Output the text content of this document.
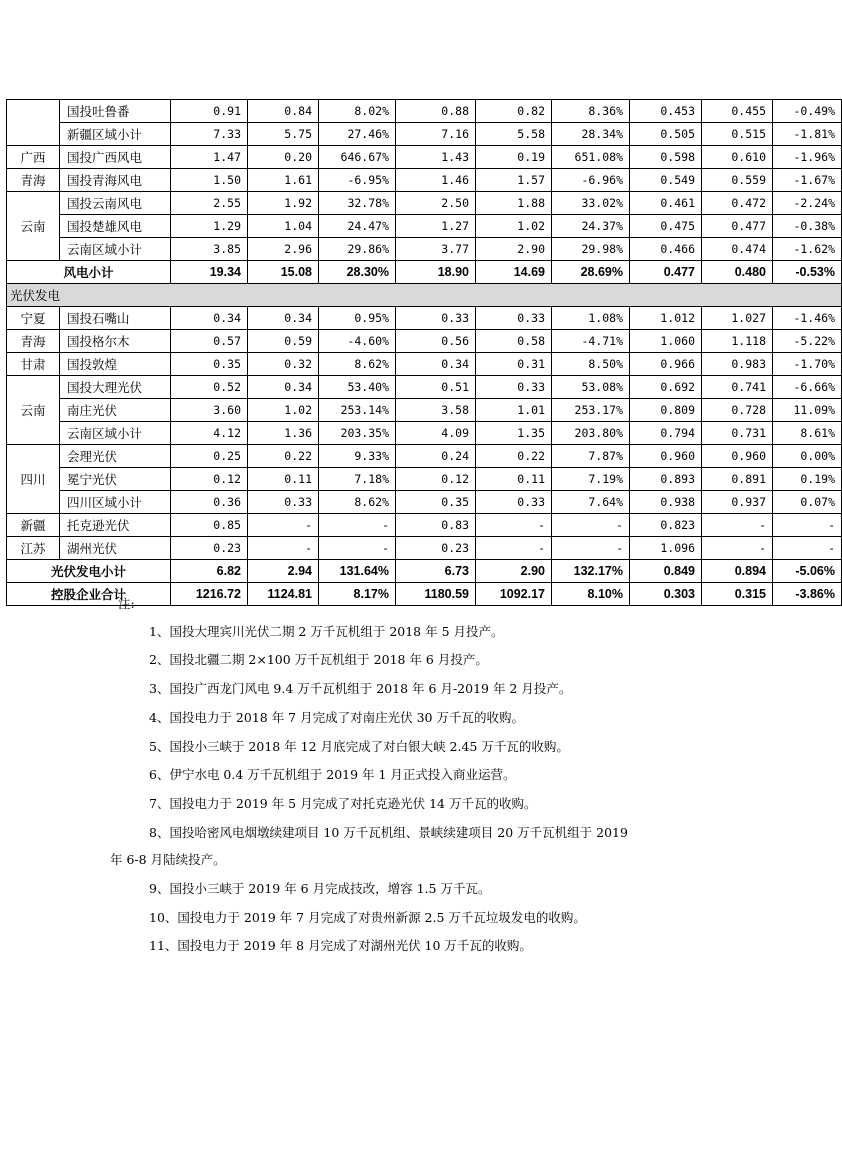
	国投吐鲁番	0.91	0.84	8.02%	0.88	0.82	8.36%	0.453	0.455	-0.49%
	新疆区域小计	7.33	5.75	27.46%	7.16	5.58	28.34%	0.505	0.515	-1.81%
广西	国投广西风电	1.47	0.20	646.67%	1.43	0.19	651.08%	0.598	0.610	-1.96%
青海	国投青海风电	1.50	1.61	-6.95%	1.46	1.57	-6.96%	0.549	0.559	-1.67%
云南	国投云南风电	2.55	1.92	32.78%	2.50	1.88	33.02%	0.461	0.472	-2.24%
	国投楚雄风电	1.29	1.04	24.47%	1.27	1.02	24.37%	0.475	0.477	-0.38%
	云南区域小计	3.85	2.96	29.86%	3.77	2.90	29.98%	0.466	0.474	-1.62%
风电小计		19.34	15.08	28.30%	18.90	14.69	28.69%	0.477	0.480	-0.53%
光伏发电										
宁夏	国投石嘴山	0.34	0.34	0.95%	0.33	0.33	1.08%	1.012	1.027	-1.46%
青海	国投格尔木	0.57	0.59	-4.60%	0.56	0.58	-4.71%	1.060	1.118	-5.22%
甘肃	国投敦煌	0.35	0.32	8.62%	0.34	0.31	8.50%	0.966	0.983	-1.70%
云南	国投大理光伏	0.52	0.34	53.40%	0.51	0.33	53.08%	0.692	0.741	-6.66%
	南庄光伏	3.60	1.02	253.14%	3.58	1.01	253.17%	0.809	0.728	11.09%
	云南区域小计	4.12	1.36	203.35%	4.09	1.35	203.80%	0.794	0.731	8.61%
四川	会理光伏	0.25	0.22	9.33%	0.24	0.22	7.87%	0.960	0.960	0.00%
	冕宁光伏	0.12	0.11	7.18%	0.12	0.11	7.19%	0.893	0.891	0.19%
	四川区域小计	0.36	0.33	8.62%	0.35	0.33	7.64%	0.938	0.937	0.07%
新疆	托克逊光伏	0.85	-	-	0.83	-	-	0.823	-	-
江苏	湖州光伏	0.23	-	-	0.23	-	-	1.096	-	-
光伏发电小计		6.82	2.94	131.64%	6.73	2.90	132.17%	0.849	0.894	-5.06%
控股企业合计		1216.72	1124.81	8.17%	1180.59	1092.17	8.10%	0.303	0.315	-3.86%

注:

1、国投大理宾川光伏二期 2 万千瓦机组于 2018 年 5 月投产。

2、国投北疆二期 2×100 万千瓦机组于 2018 年 6 月投产。

3、国投广西龙门风电 9.4 万千瓦机组于 2018 年 6 月-2019 年 2 月投产。

4、国投电力于 2018 年 7 月完成了对南庄光伏 30 万千瓦的收购。

5、国投小三峡于 2018 年 12 月底完成了对白银大峡 2.45 万千瓦的收购。

6、伊宁水电 0.4 万千瓦机组于 2019 年 1 月正式投入商业运营。

7、国投电力于 2019 年 5 月完成了对托克逊光伏 14 万千瓦的收购。

8、国投哈密风电烟墩续建项目 10 万千瓦机组、景峡续建项目 20 万千瓦机组于 2019

年 6-8 月陆续投产。

9、国投小三峡于 2019 年 6 月完成技改，增容 1.5 万千瓦。

10、国投电力于 2019 年 7 月完成了对贵州新源 2.5 万千瓦垃圾发电的收购。

11、国投电力于 2019 年 8 月完成了对湖州光伏 10 万千瓦的收购。
